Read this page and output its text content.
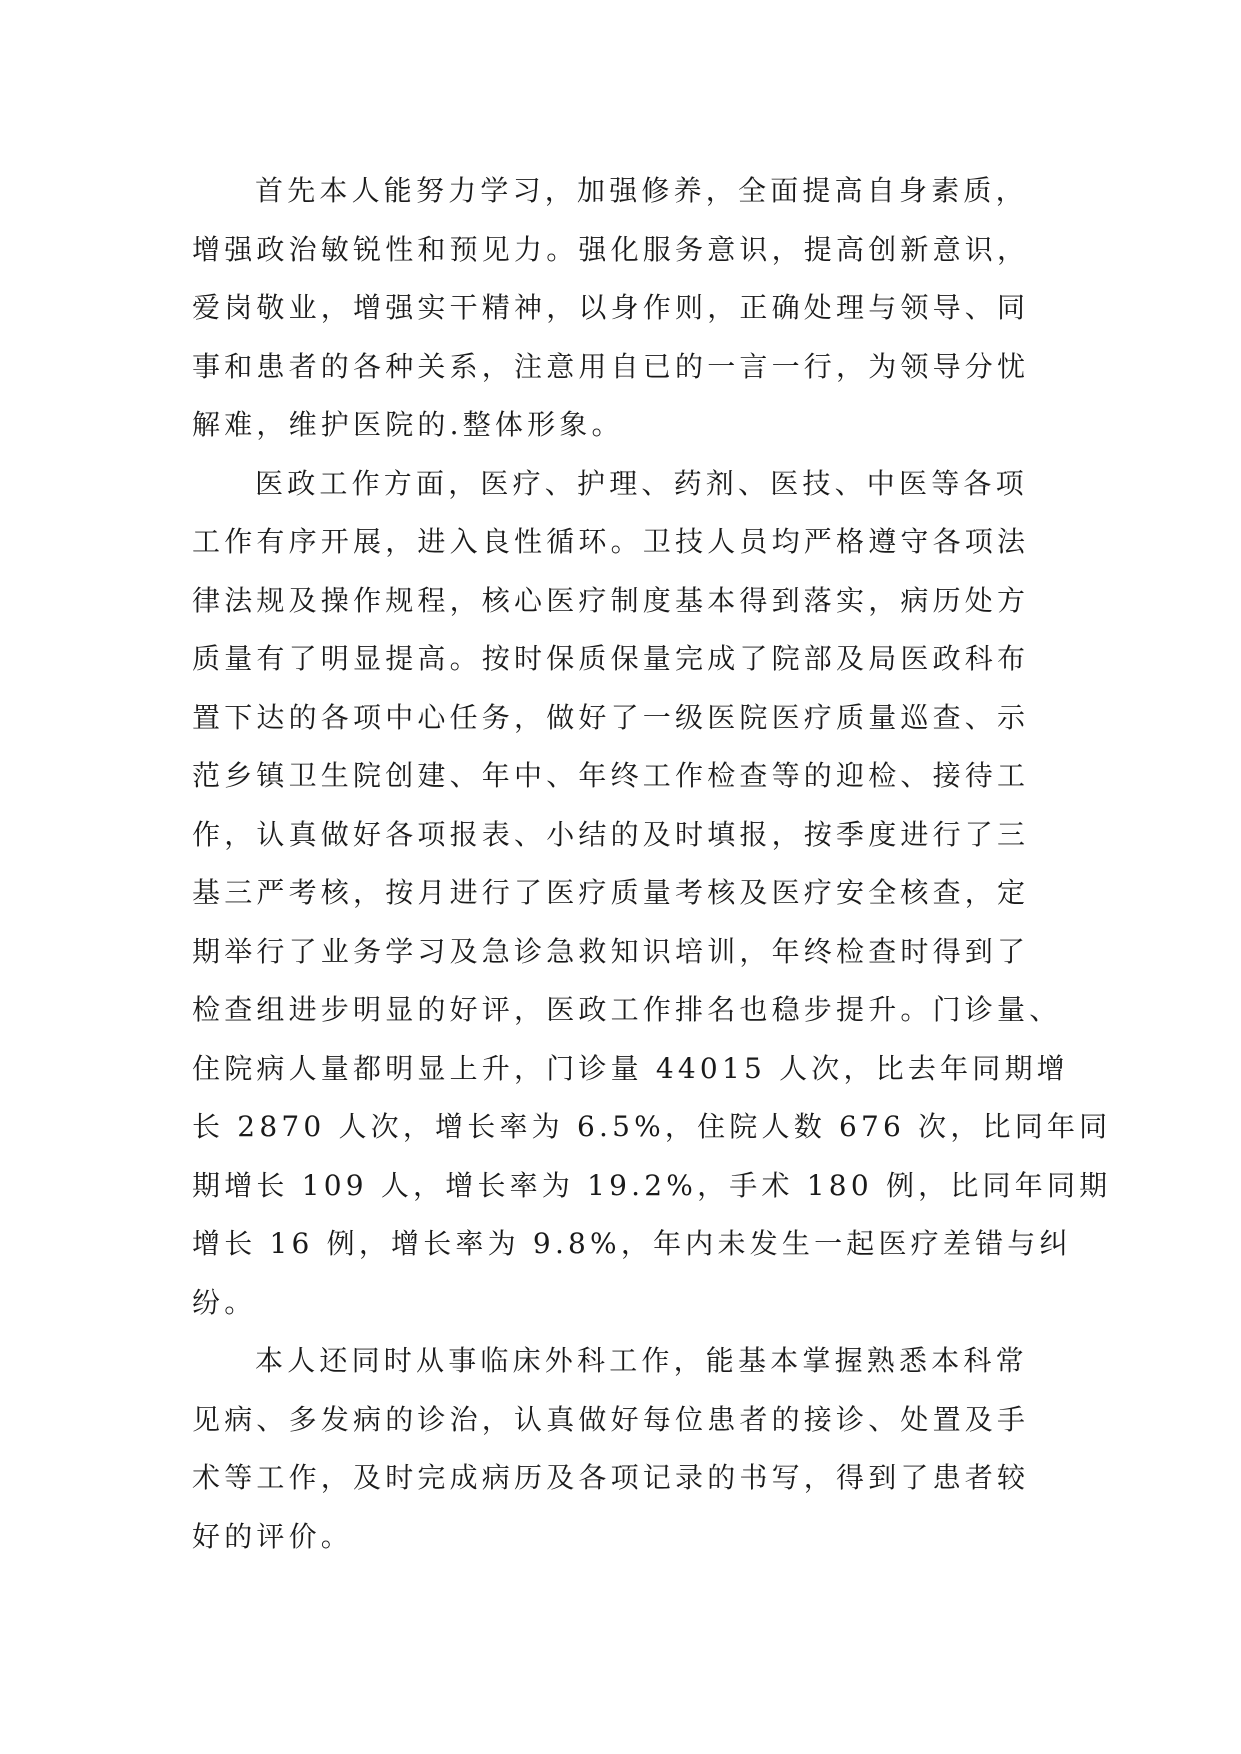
首先本人能努力学习，加强修养，全面提高自身素质，
增强政治敏锐性和预见力。强化服务意识，提高创新意识，
爱岗敬业，增强实干精神，以身作则，正确处理与领导、同
事和患者的各种关系，注意用自已的一言一行，为领导分忧
解难，维护医院的.整体形象。
医政工作方面，医疗、护理、药剂、医技、中医等各项
工作有序开展，进入良性循环。卫技人员均严格遵守各项法
律法规及操作规程，核心医疗制度基本得到落实，病历处方
质量有了明显提高。按时保质保量完成了院部及局医政科布
置下达的各项中心任务，做好了一级医院医疗质量巡查、示
范乡镇卫生院创建、年中、年终工作检查等的迎检、接待工
作，认真做好各项报表、小结的及时填报，按季度进行了三
基三严考核，按月进行了医疗质量考核及医疗安全核查，定
期举行了业务学习及急诊急救知识培训，年终检查时得到了
检查组进步明显的好评，医政工作排名也稳步提升。门诊量、
住院病人量都明显上升，门诊量 44015 人次，比去年同期增
长 2870 人次，增长率为 6.5%，住院人数 676 次，比同年同
期增长 109 人，增长率为 19.2%，手术 180 例，比同年同期
增长 16 例，增长率为 9.8%，年内未发生一起医疗差错与纠
纷。
本人还同时从事临床外科工作，能基本掌握熟悉本科常
见病、多发病的诊治，认真做好每位患者的接诊、处置及手
术等工作，及时完成病历及各项记录的书写，得到了患者较
好的评价。
